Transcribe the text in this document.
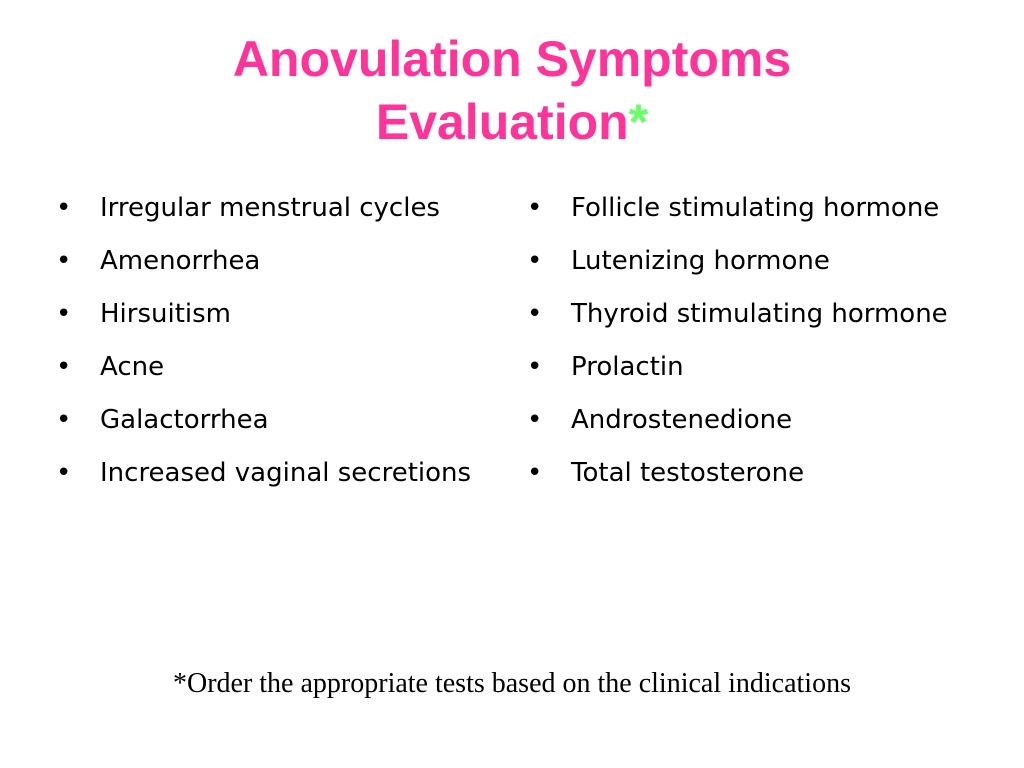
Anovulation Symptoms
Evaluation*
• Irregular menstrual cycles
• Amenorrhea
• Hirsuitism
• Acne
• Galactorrhea
• Increased vaginal secretions
• Follicle stimulating hormone
• Lutenizing hormone
• Thyroid stimulating hormone
• Prolactin
• Androstenedione
• Total testosterone
*Order the appropriate tests based on the clinical indications
